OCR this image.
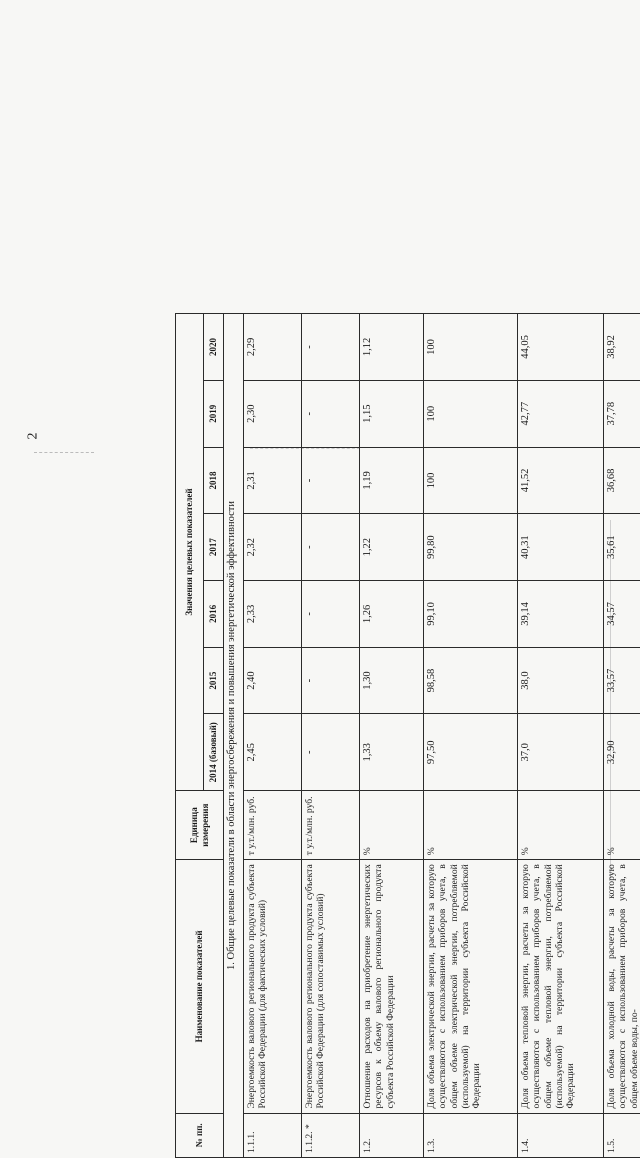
2
№ пп.	Наименование показателей	Единица измерения	Значения целевых показателей						
			2014 (базовый)	2015	2016	2017	2018	2019	2020
1. Общие целевые показатели в области энергосбережения и повышения энергетической эффективности									
1.1.1.	Энергоемкость валового регионального продукта субъекта Российской Федерации (для фактических условий)	т у.т./млн. руб.	2,45	2,40	2,33	2,32	2,31	2,30	2,29
1.1.2. *	Энергоемкость валового регионального продукта субъекта Российской Федерации (для сопоставимых условий)	т у.т./млн. руб.	-	-	-	-	-	-	-
1.2.	Отношение расходов на приобретение энергетических ресурсов к объему валового регионального продукта субъекта Российской Федерации	%	1,33	1,30	1,26	1,22	1,19	1,15	1,12
1.3.	Доля объема электрической энергии, расчеты за которую осуществляются с использованием приборов учета, в общем объеме электрической энергии, потребляемой (используемой) на территории субъекта Российской Федерации	%	97,50	98,58	99,10	99,80	100	100	100
1.4.	Доля объема тепловой энергии, расчеты за которую осуществляются с использованием приборов учета, в общем объеме тепловой энергии, потребляемой (используемой) на территории субъекта Российской Федерации	%	37,0	38,0	39,14	40,31	41,52	42,77	44,05
1.5.	Доля объема холодной воды, расчеты за которую осуществляются с использованием приборов учета, в общем объеме воды, по-	%	32,90	33,57	34,57	35,61	36,68	37,78	38,92
